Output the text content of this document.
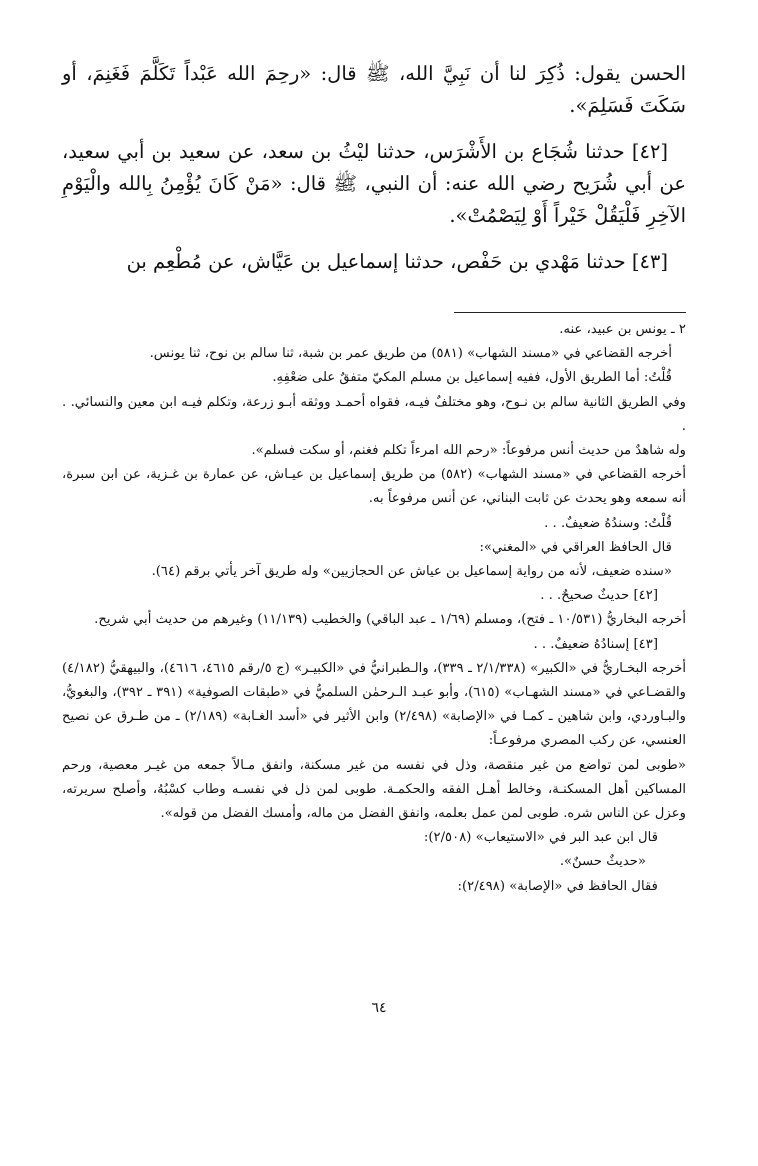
الحسن يقول: ذُكِرَ لنا أن نَبِيَّ الله، ﷺ قال: «رحِمَ الله عَبْداً تَكَلَّمَ فَغَنِمَ، أو سَكَتَ فَسَلِمَ».

[٤٢] حدثنا شُجَاع بن الأَشْرَس، حدثنا ليْثُ بن سعد، عن سعيد بن أبي سعيد، عن أبي شُرَيح رضي الله عنه: أن النبي، ﷺ قال: «مَنْ كَانَ يُؤْمِنُ بِالله والْيَوْمِ الآخِرِ فَلْيَقُلْ خَيْراً أَوْ لِيَصْمُتْ».

[٤٣] حدثنا مَهْدي بن حَفْص، حدثنا إسماعيل بن عَيَّاش، عن مُطْعِم بن

٢ ـ يونس بن عبيد، عنه.

أخرجه القضاعي في «مسند الشهاب» (٥٨١) من طريق عمر بن شبة، ثنا سالم بن نوح، ثنا يونس.

قُلْتُ: أما الطريق الأول، ففيه إسماعيل بن مسلم المكيّ متفقٌ على ضعْفِهِ.

وفي الطريق الثانية سالم بن نـوح، وهو مختلفٌ فيـه، فقواه أحمـد ووثقه أبـو زرعة، وتكلم فيـه ابن معين والنسائي. . .

وله شاهدٌ من حديث أنس مرفوعاً: «رحم الله امرءاً تكلم فغنم، أو سكت فسلم».

أخرجه القضاعي في «مسند الشهاب» (٥٨٢) من طريق إسماعيل بن عيـاش، عن عمارة بن غـزية، عن ابن سبرة، أنه سمعه وهو يحدث عن ثابت البناني، عن أنس مرفوعاً به.

قُلْتُ: وسندُهُ ضعيفٌ. . .

قال الحافظ العراقي في «المغني»:

«سنده ضعيف، لأنه من رواية إسماعيل بن عياش عن الحجازيين» وله طريق آخر يأتي برقم (٦٤).

[٤٢] حديثٌ صحيحٌ. . .

أخرجه البخاريُّ (١٠/٥٣١ ـ فتح)، ومسلم (١/٦٩ ـ عبد الباقي) والخطيب (١١/١٣٩) وغيرهم من حديث أبي شريح.

[٤٣] إسنادُهُ ضعيفٌ. . .

أخرجه البخـاريُّ في «الكبير» (٢/١/٣٣٨ ـ ٣٣٩)، والـطبرانيُّ في «الكبيـر» (ج ٥/رقم ٤٦١٥، ٤٦١٦)، والبيهقيُّ (٤/١٨٢) والقضـاعي في «مسند الشهـاب» (٦١٥)، وأبو عبـد الـرحمٰن السلميُّ في «طبقات الصوفية» (٣٩١ ـ ٣٩٢)، والبغويُّ، والبـاوردي، وابن شاهين ـ كمـا في «الإصابة» (٢/٤٩٨) وابن الأثير في «أسد الغـابة» (٢/١٨٩) ـ من طـرق عن نصيح العنسي، عن ركب المصري مرفوعـاً:

«طوبى لمن تواضع من غير منقصة، وذل في نفسه من غير مسكنة، وانفق مـالاً جمعه من غيـر معصية، ورحم المساكين أهل المسكنـة، وخالط أهـل الفقه والحكمـة. طوبى لمن ذل في نفسـه وطاب كسْبُهُ، وأصلح سريرته، وعزل عن الناس شره. طوبى لمن عمل بعلمه، وانفق الفضل من ماله، وأمسك الفضل من قوله».

قال ابن عبد البر في «الاستيعاب» (٢/٥٠٨):

«حديثٌ حسنٌ».

فقال الحافظ في «الإصابة» (٢/٤٩٨):

٦٤
